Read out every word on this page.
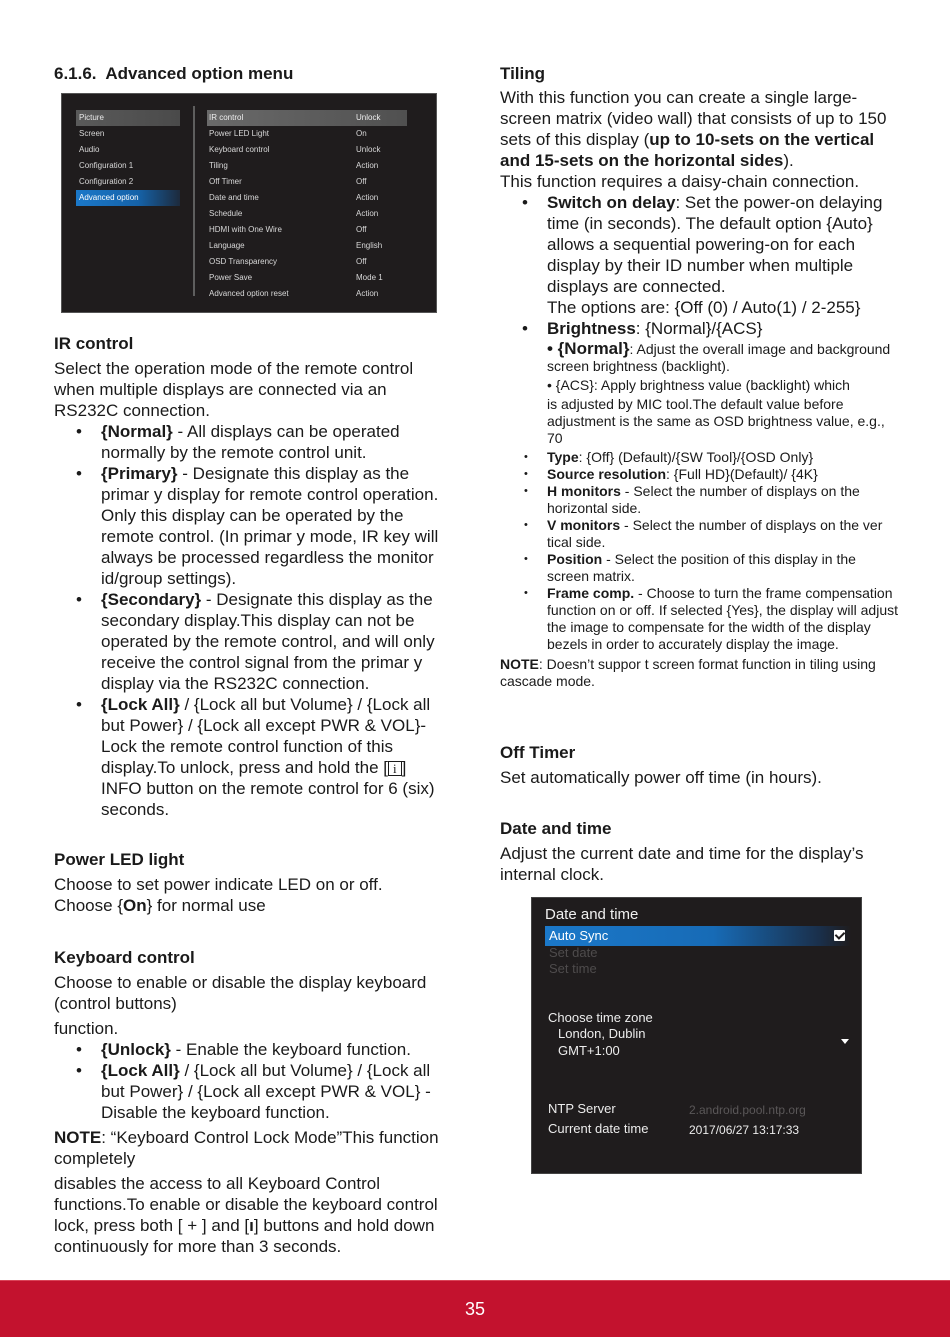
6.1.6. Advanced option menu
Picture
Screen
Audio
Configuration 1
Configuration 2
Advanced option
IR control	Unlock
Power LED Light	On
Keyboard control	Unlock
Tiling	Action
Off Timer	Off
Date and time	Action
Schedule	Action
HDMI with One Wire	Off
Language	English
OSD Transparency	Off
Power Save	Mode 1
Advanced option reset	Action
IR control

Select the operation mode of the remote control when multiple displays are connected via an RS232C connection.

• {Normal} - All displays can be operated normally by the remote control unit.
• {Primary} - Designate this display as the primar y display for remote control operation. Only this display can be operated by the remote control. (In primar y mode, IR key will always be processed regardless the monitor id/group settings).
• {Secondary} - Designate this display as the secondary display.This display can not be operated by the remote control, and will only receive the control signal from the primar y display via the RS232C connection.
• {Lock All} / {Lock all but Volume} / {Lock all but Power} / {Lock all except PWR & VOL}- Lock the remote control function of this display.To unlock, press and hold the [ i ] INFO button on the remote control for 6 (six) seconds.
Power LED light

Choose to set power indicate LED on or off.

Choose {On} for normal use

Keyboard control

Choose to enable or disable the display keyboard (control buttons)

function.

• {Unlock} - Enable the keyboard function.
• {Lock All} / {Lock all but Volume} / {Lock all but Power} / {Lock all except PWR & VOL} - Disable the keyboard function.

NOTE: “Keyboard Control Lock Mode”This function completely

disables the access to all Keyboard Control functions.To enable or disable the keyboard control lock, press both [ + ] and [ı] buttons and hold down continuously for more than 3 seconds.

Tiling

With this function you can create a single large-screen matrix (video wall) that consists of up to 150 sets of this display (up to 10-sets on the vertical and 15-sets on the horizontal sides).

This function requires a daisy-chain connection.

• Switch on delay: Set the power-on delaying time (in seconds). The default option {Auto} allows a sequential powering-on for each display by their ID number when multiple displays are connected.
The options are: {Off (0) / Auto(1) / 2-255}
• Brightness: {Normal}/{ACS}
• {Normal}: Adjust the overall image and background screen brightness (backlight).
• {ACS}: Apply brightness value (backlight) which
is adjusted by MIC tool.The default value before adjustment is the same as OSD brightness value, e.g., 70
• Type: {Off} (Default)/{SW Tool}/{OSD Only}
• Source resolution: {Full HD}(Default)/ {4K}
• H monitors - Select the number of displays on the horizontal side.
• V monitors - Select the number of displays on the ver tical side.
• Position - Select the position of this display in the screen matrix.
• Frame comp. - Choose to turn the frame compensation function on or off. If selected {Yes}, the display will adjust the image to compensate for the width of the display bezels in order to accurately display the image.

NOTE: Doesn’t suppor t screen format function in tiling using cascade mode.

Off Timer
Set automatically power off time (in hours).
Date and time
Adjust the current date and time for the display’s internal clock.
Date and time
Auto Sync
Set date
Set time
Choose time zone
London, Dublin
GMT+1:00
NTP Server	2.android.pool.ntp.org
Current date time	2017/06/27 13:17:33
35
